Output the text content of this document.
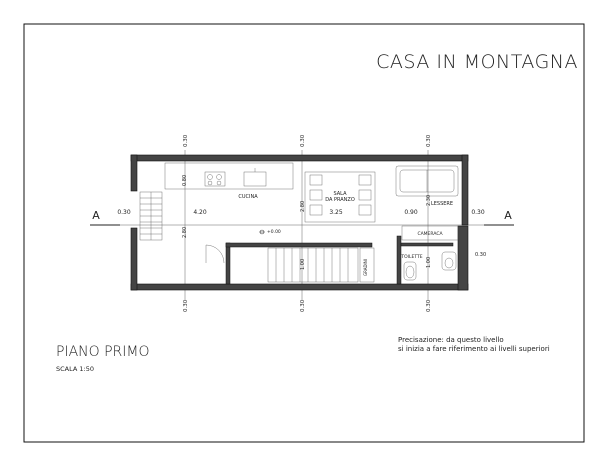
CASA IN MONTAGNA
A	A
0.30	0.30	0.30
0.30	0.30	0.30
0.30	4.20	3.25	0.90	0.30
0.80
2.80
2.80
2.30
1.00	1.00
0.30
CUCINA
+0.00
SALA
DA PRANZO
LESSERE
CAMERACA
GRADINI
TOILETTE
PIANO PRIMO
SCALA 1:50
Precisazione: da questo livello
si inizia a fare riferimento ai livelli superiori
